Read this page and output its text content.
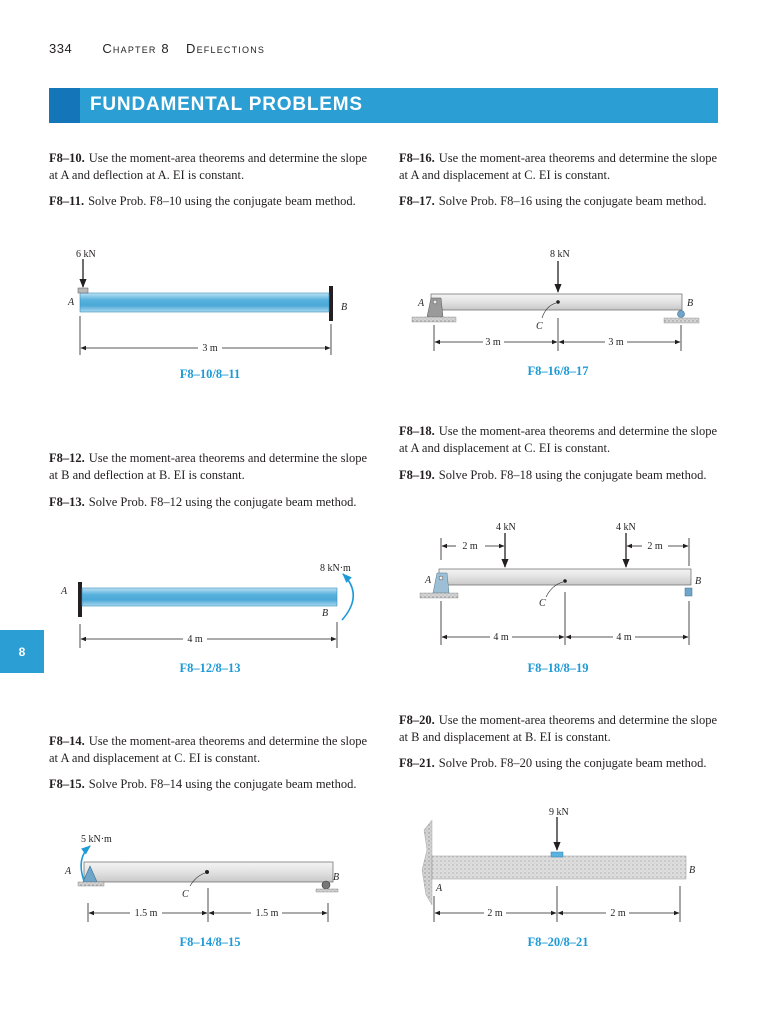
334 Chapter 8 Deflections
FUNDAMENTAL PROBLEMS
8
F8–10. Use the moment-area theorems and determine the slope at A and deflection at A. EI is constant.
F8–11. Solve Prob. F8–10 using the conjugate beam method.
F8–12. Use the moment-area theorems and determine the slope at B and deflection at B. EI is constant.
F8–13. Solve Prob. F8–12 using the conjugate beam method.
F8–14. Use the moment-area theorems and determine the slope at A and displacement at C. EI is constant.
F8–15. Solve Prob. F8–14 using the conjugate beam method.
F8–16. Use the moment-area theorems and determine the slope at A and displacement at C. EI is constant.
F8–17. Solve Prob. F8–16 using the conjugate beam method.
F8–18. Use the moment-area theorems and determine the slope at A and displacement at C. EI is constant.
F8–19. Solve Prob. F8–18 using the conjugate beam method.
F8–20. Use the moment-area theorems and determine the slope at B and displacement at B. EI is constant.
F8–21. Solve Prob. F8–20 using the conjugate beam method.
6 kN
A	B
3 m
8 kN·m
A
B
4 m
5 kN·m
A
B
C
1.5 m	1.5 m
8 kN
A	B
C
3 m	3 m
4 kN	4 kN
2 m	2 m
A	B
C
4 m	4 m
9 kN
A
B
2 m	2 m
F8–10/8–11
F8–12/8–13
F8–14/8–15
F8–16/8–17
F8–18/8–19
F8–20/8–21
